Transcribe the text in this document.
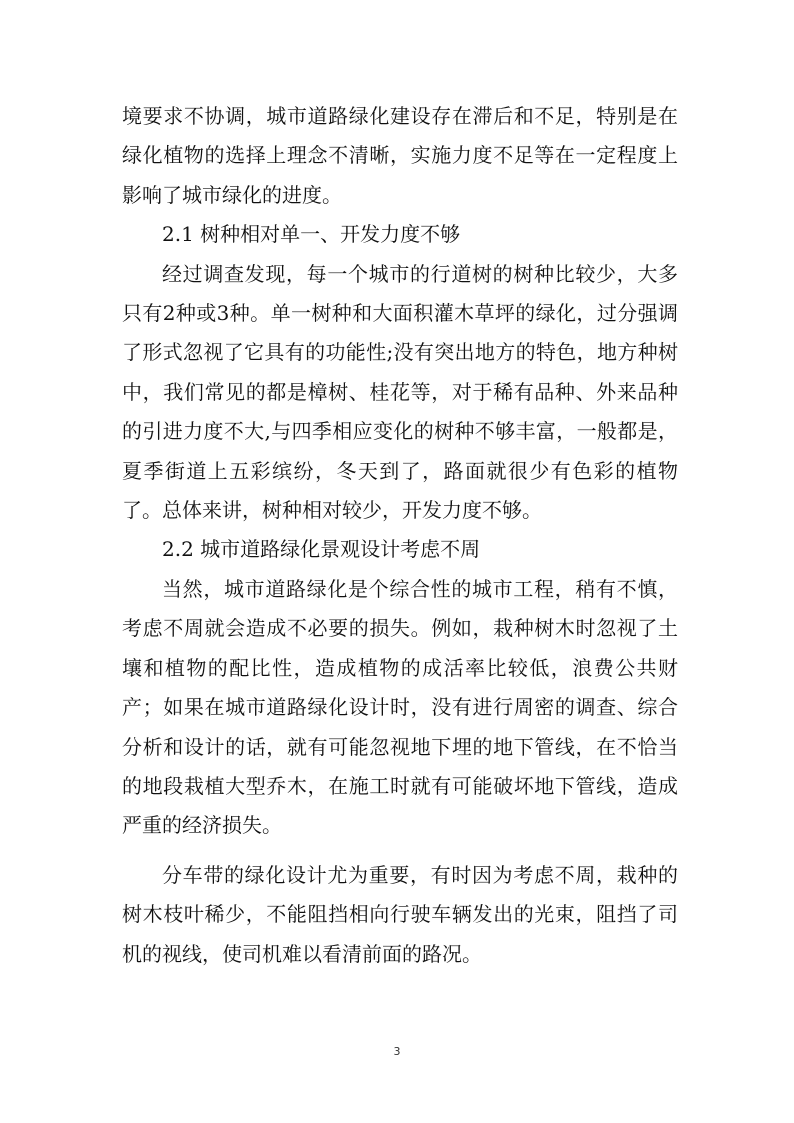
境要求不协调，城市道路绿化建设存在滞后和不足，特别是在绿化植物的选择上理念不清晰，实施力度不足等在一定程度上影响了城市绿化的进度。

2.1 树种相对单一、开发力度不够

经过调查发现，每一个城市的行道树的树种比较少，大多只有2种或3种。单一树种和大面积灌木草坪的绿化，过分强调了形式忽视了它具有的功能性;没有突出地方的特色，地方种树中，我们常见的都是樟树、桂花等，对于稀有品种、外来品种的引进力度不大,与四季相应变化的树种不够丰富，一般都是，夏季街道上五彩缤纷，冬天到了，路面就很少有色彩的植物了。总体来讲，树种相对较少，开发力度不够。

2.2 城市道路绿化景观设计考虑不周

当然，城市道路绿化是个综合性的城市工程，稍有不慎，考虑不周就会造成不必要的损失。例如，栽种树木时忽视了土壤和植物的配比性，造成植物的成活率比较低，浪费公共财产；如果在城市道路绿化设计时，没有进行周密的调查、综合分析和设计的话，就有可能忽视地下埋的地下管线，在不恰当的地段栽植大型乔木，在施工时就有可能破坏地下管线，造成严重的经济损失。

分车带的绿化设计尤为重要，有时因为考虑不周，栽种的树木枝叶稀少，不能阻挡相向行驶车辆发出的光束，阻挡了司机的视线，使司机难以看清前面的路况。

3
